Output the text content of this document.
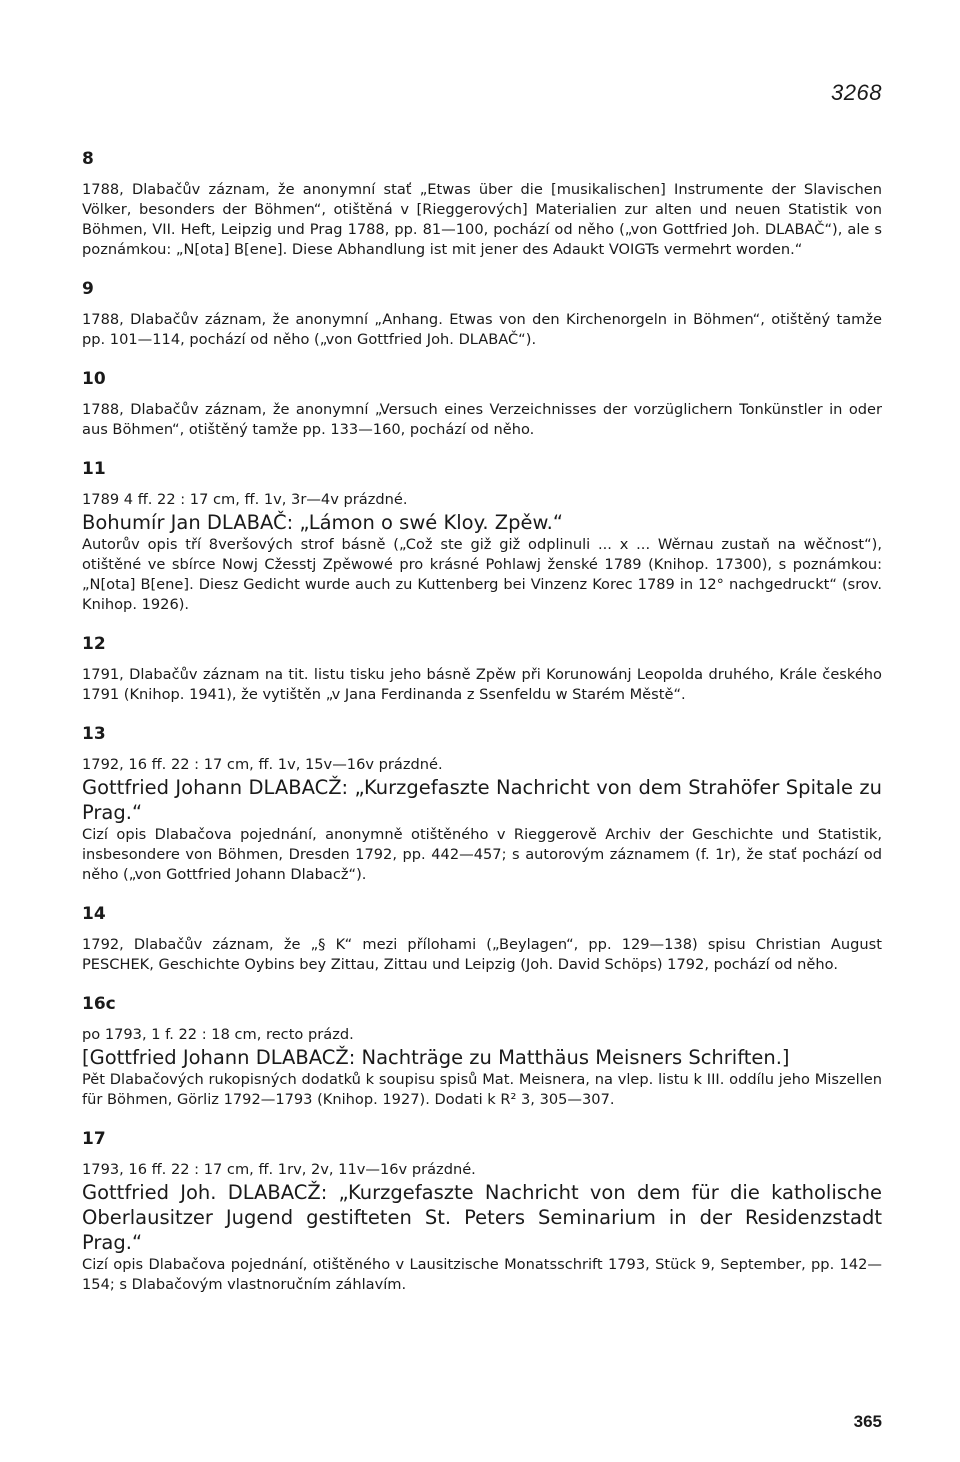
3268
8

1788, Dlabačův záznam, že anonymní stať „Etwas über die [musikalischen] Instrumente der Slavischen Völker, besonders der Böhmen“, otištěná v [Rieggerových] Materialien zur alten und neuen Statistik von Böhmen, VII. Heft, Leipzig und Prag 1788, pp. 81—100, pochází od něho („von Gottfried Joh. DLABAČ“), ale s poznámkou: „N[ota] B[ene]. Diese Abhandlung ist mit jener des Adaukt VOIGTs vermehrt worden.“

9

1788, Dlabačův záznam, že anonymní „Anhang. Etwas von den Kirchenorgeln in Böhmen“, otištěný tamže pp. 101—114, pochází od něho („von Gottfried Joh. DLABAČ“).

10

1788, Dlabačův záznam, že anonymní „Versuch eines Verzeichnisses der vorzüglichern Tonkünstler in oder aus Böhmen“, otištěný tamže pp. 133—160, pochází od něho.

11

1789 4 ff. 22 : 17 cm, ff. 1v, 3r—4v prázdné.

Bohumír Jan DLABAČ: „Lámon o swé Kloy. Zpěw.“

Autorův opis tří 8veršových strof básně („Což ste giž giž odplinuli ... x ... Wěrnau zustaň na wěčnost“), otištěné ve sbírce Nowj Cžesstj Zpěwowé pro krásné Pohlawj ženské 1789 (Knihop. 17300), s poznámkou: „N[ota] B[ene]. Diesz Gedicht wurde auch zu Kuttenberg bei Vinzenz Korec 1789 in 12° nachgedruckt“ (srov. Knihop. 1926).

12

1791, Dlabačův záznam na tit. listu tisku jeho básně Zpěw při Korunowánj Leopolda druhého, Krále českého 1791 (Knihop. 1941), že vytištěn „v Jana Ferdinanda z Ssenfeldu w Starém Městě“.

13

1792, 16 ff. 22 : 17 cm, ff. 1v, 15v—16v prázdné.

Gottfried Johann DLABACŽ: „Kurzgefaszte Nachricht von dem Strahöfer Spitale zu Prag.“

Cizí opis Dlabačova pojednání, anonymně otištěného v Rieggerově Archiv der Geschichte und Statistik, insbesondere von Böhmen, Dresden 1792, pp. 442—457; s autorovým záznamem (f. 1r), že stať pochází od něho („von Gottfried Johann Dlabacž“).

14

1792, Dlabačův záznam, že „§ K“ mezi přílohami („Beylagen“, pp. 129—138) spisu Christian August PESCHEK, Geschichte Oybins bey Zittau, Zittau und Leipzig (Joh. David Schöps) 1792, pochází od něho.

16c

po 1793, 1 f. 22 : 18 cm, recto prázd.

[Gottfried Johann DLABACŽ: Nachträge zu Matthäus Meisners Schriften.]

Pět Dlabačových rukopisných dodatků k soupisu spisů Mat. Meisnera, na vlep. listu k III. oddílu jeho Miszellen für Böhmen, Görliz 1792—1793 (Knihop. 1927). Dodati k R² 3, 305—307.

17

1793, 16 ff. 22 : 17 cm, ff. 1rv, 2v, 11v—16v prázdné.

Gottfried Joh. DLABACŽ: „Kurzgefaszte Nachricht von dem für die katholische Oberlausitzer Jugend gestifteten St. Peters Seminarium in der Residenzstadt Prag.“

Cizí opis Dlabačova pojednání, otištěného v Lausitzische Monatsschrift 1793, Stück 9, September, pp. 142—154; s Dlabačovým vlastnoručním záhlavím.

365
